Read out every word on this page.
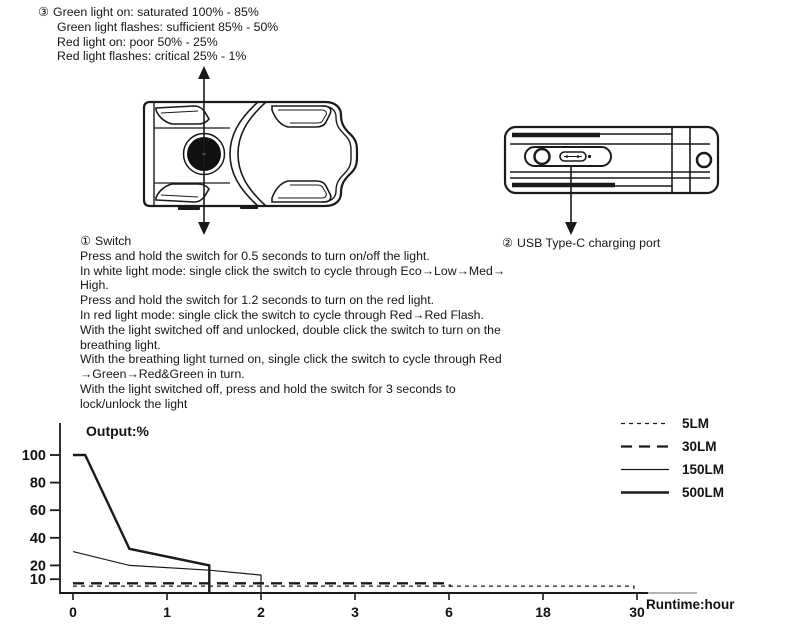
③ Green light on: saturated 100% - 85%
Green light flashes: sufficient 85% - 50%
Red light on: poor 50% - 25%
Red light flashes: critical 25% - 1%
② USB Type-C charging port
① Switch
Press and hold the switch for 0.5 seconds to turn on/off the light.
In white light mode: single click the switch to cycle through Eco→Low→Med→
High.
Press and hold the switch for 1.2 seconds to turn on the red light.
In red light mode: single click the switch to cycle through Red→Red Flash.
With the light switched off and unlocked, double click the switch to turn on the
breathing light.
With the breathing light turned on, single click the switch to cycle through Red
→Green→Red&Green in turn.
With the light switched off, press and hold the switch for 3 seconds to
lock/unlock the light
100
80
60
40
20
10
0	1	2	3	6	18	30
Output:%
Runtime:hour
5LM
30LM
150LM
500LM
